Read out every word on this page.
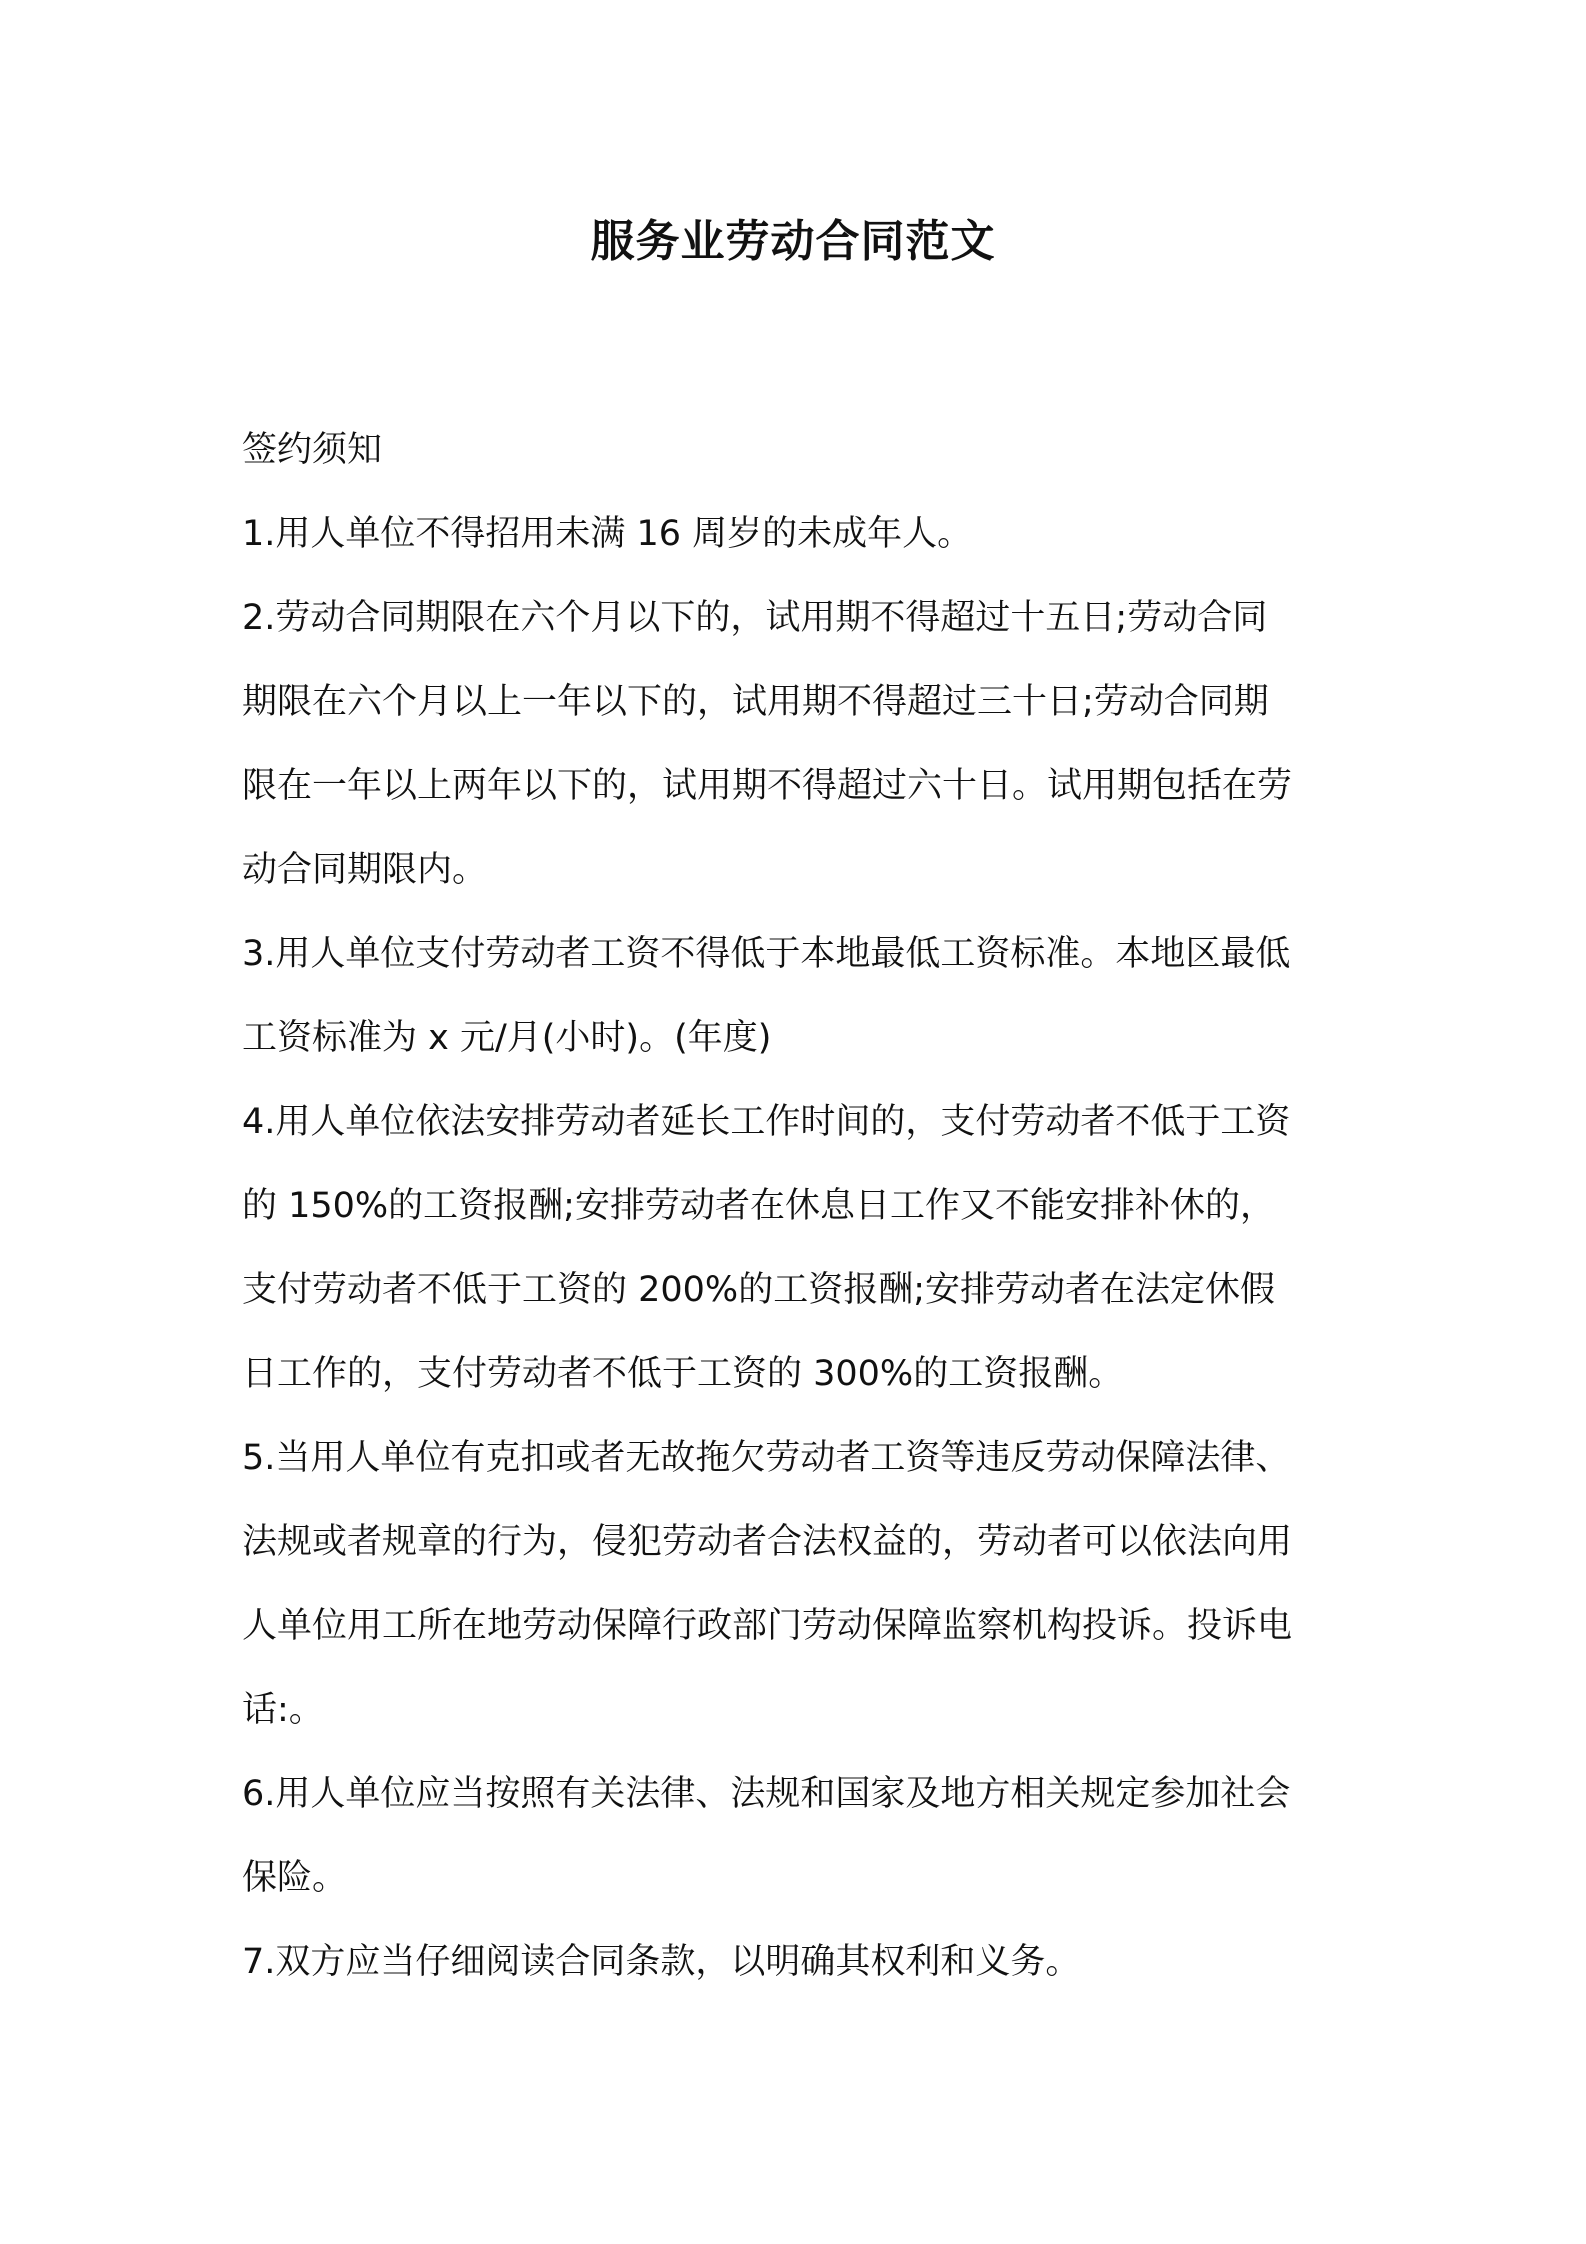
服务业劳动合同范文
签约须知
1.用人单位不得招用未满 16 周岁的未成年人。
2.劳动合同期限在六个月以下的，试用期不得超过十五日;劳动合同
期限在六个月以上一年以下的，试用期不得超过三十日;劳动合同期
限在一年以上两年以下的，试用期不得超过六十日。试用期包括在劳
动合同期限内。
3.用人单位支付劳动者工资不得低于本地最低工资标准。本地区最低
工资标准为 x 元/月(小时)。(年度)
4.用人单位依法安排劳动者延长工作时间的，支付劳动者不低于工资
的 150%的工资报酬;安排劳动者在休息日工作又不能安排补休的，
支付劳动者不低于工资的 200%的工资报酬;安排劳动者在法定休假
日工作的，支付劳动者不低于工资的 300%的工资报酬。
5.当用人单位有克扣或者无故拖欠劳动者工资等违反劳动保障法律、
法规或者规章的行为，侵犯劳动者合法权益的，劳动者可以依法向用
人单位用工所在地劳动保障行政部门劳动保障监察机构投诉。投诉电
话:。
6.用人单位应当按照有关法律、法规和国家及地方相关规定参加社会
保险。
7.双方应当仔细阅读合同条款，以明确其权利和义务。
